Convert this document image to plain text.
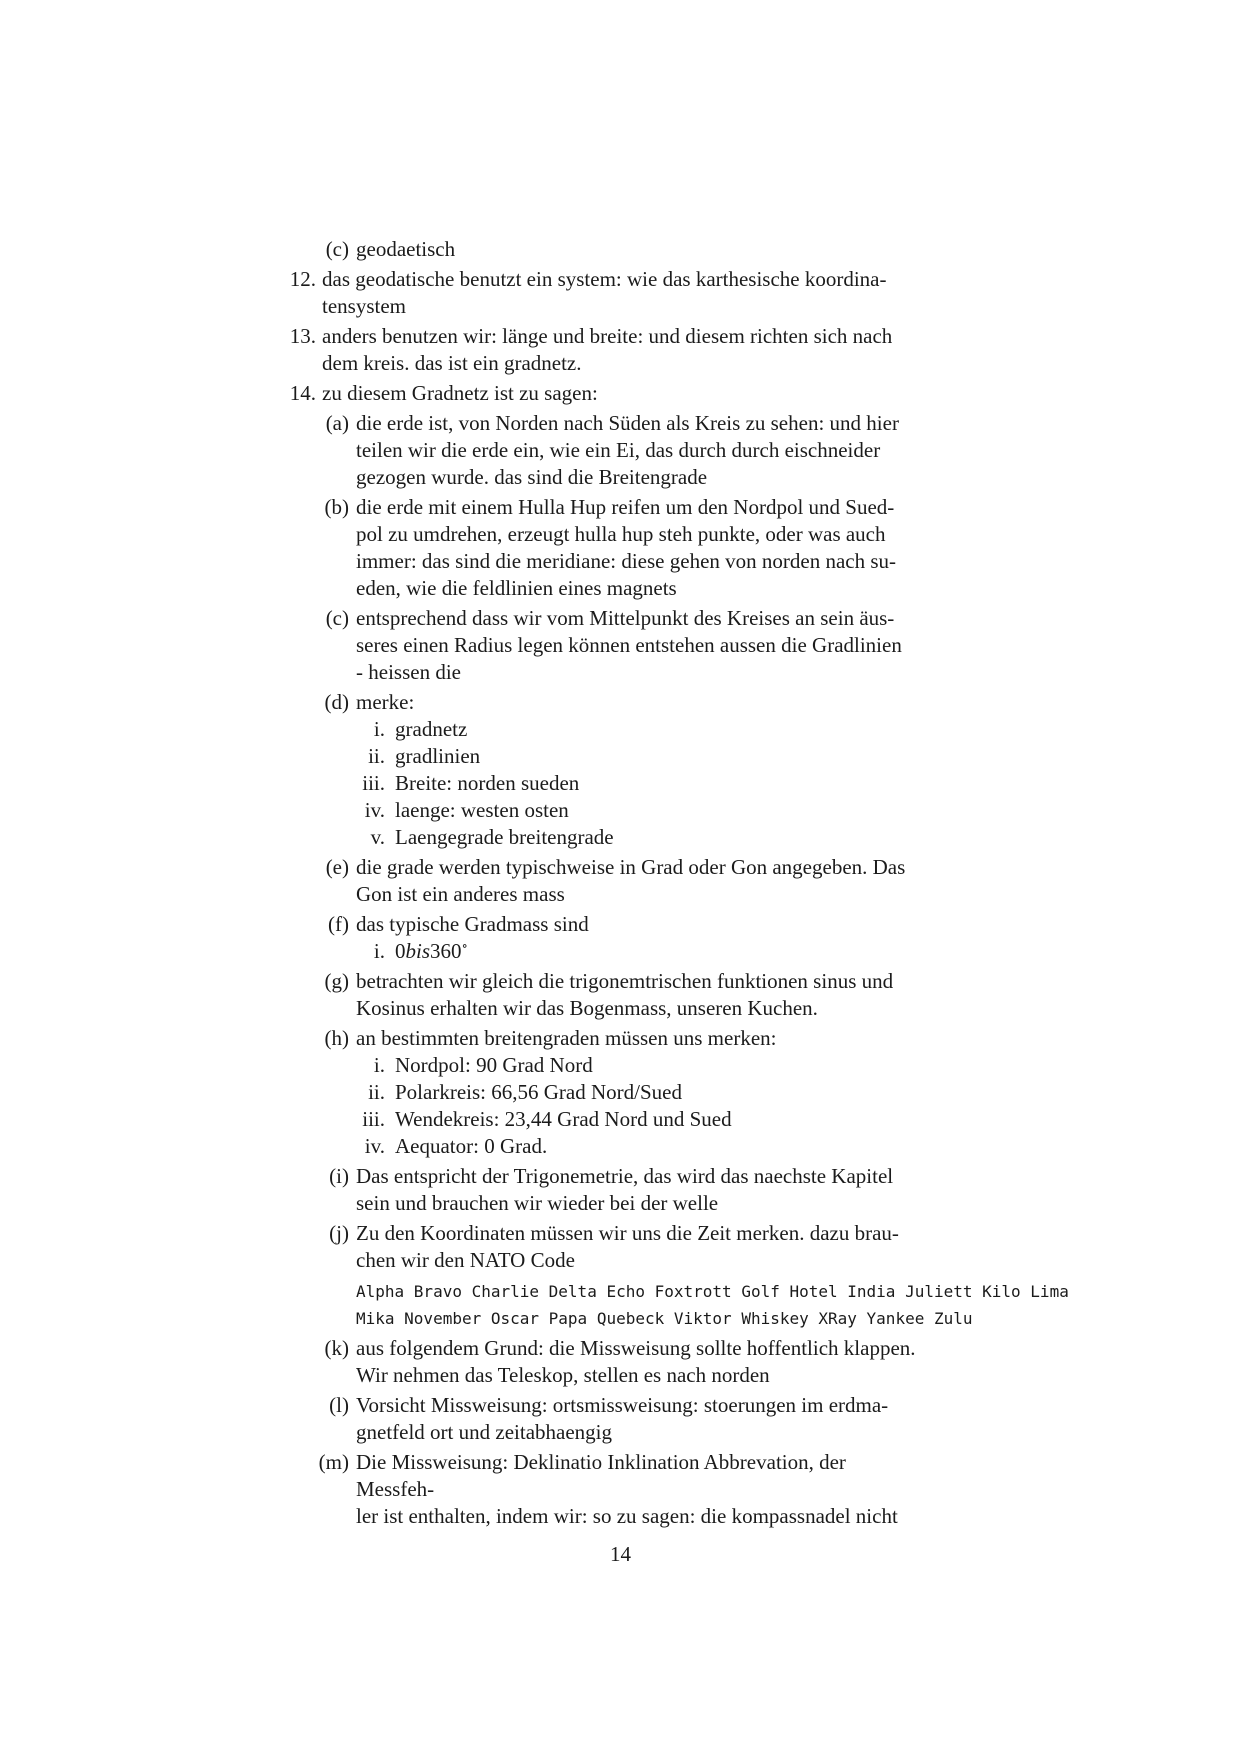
(c) geodaetisch
12. das geodatische benutzt ein system: wie das karthesische koordina-
tensystem
13. anders benutzen wir: länge und breite: und diesem richten sich nach
dem kreis. das ist ein gradnetz.
14. zu diesem Gradnetz ist zu sagen:
(a) die erde ist, von Norden nach Süden als Kreis zu sehen: und hier
teilen wir die erde ein, wie ein Ei, das durch durch eischneider
gezogen wurde. das sind die Breitengrade
(b) die erde mit einem Hulla Hup reifen um den Nordpol und Sued-
pol zu umdrehen, erzeugt hulla hup steh punkte, oder was auch
immer: das sind die meridiane: diese gehen von norden nach su-
eden, wie die feldlinien eines magnets
(c) entsprechend dass wir vom Mittelpunkt des Kreises an sein äus-
seres einen Radius legen können entstehen aussen die Gradlinien
- heissen die
(d) merke:
i. gradnetz
ii. gradlinien
iii. Breite: norden sueden
iv. laenge: westen osten
v. Laengegrade breitengrade
(e) die grade werden typischweise in Grad oder Gon angegeben. Das
Gon ist ein anderes mass
(f) das typische Gradmass sind
i. 0bis360∘
(g) betrachten wir gleich die trigonemtrischen funktionen sinus und
Kosinus erhalten wir das Bogenmass, unseren Kuchen.
(h) an bestimmten breitengraden müssen uns merken:
i. Nordpol: 90 Grad Nord
ii. Polarkreis: 66,56 Grad Nord/Sued
iii. Wendekreis: 23,44 Grad Nord und Sued
iv. Aequator: 0 Grad.
(i) Das entspricht der Trigonemetrie, das wird das naechste Kapitel
sein und brauchen wir wieder bei der welle
(j) Zu den Koordinaten müssen wir uns die Zeit merken. dazu brau-
chen wir den NATO Code
Alpha Bravo Charlie Delta Echo Foxtrott Golf Hotel India Juliett Kilo Lima
Mika November Oscar Papa Quebeck Viktor Whiskey XRay Yankee Zulu
(k) aus folgendem Grund: die Missweisung sollte hoffentlich klappen.
Wir nehmen das Teleskop, stellen es nach norden
(l) Vorsicht Missweisung: ortsmissweisung: stoerungen im erdma-
gnetfeld ort und zeitabhaengig
(m) Die Missweisung: Deklinatio Inklination Abbrevation, der Messfeh-
ler ist enthalten, indem wir: so zu sagen: die kompassnadel nicht
14
